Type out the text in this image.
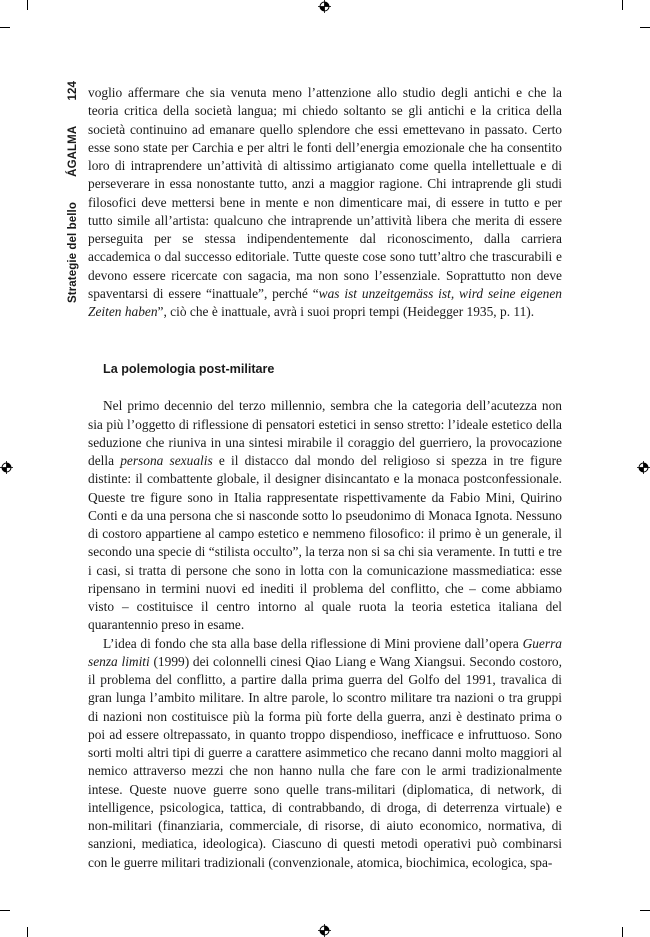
Strategie del bello
ÁGALMA
124 voglio affermare che sia venuta meno l’attenzione allo studio degli antichi e che la teoria critica della società langua; mi chiedo soltanto se gli antichi e la critica della società continuino ad emanare quello splendore che essi emettevano in passato. Certo esse sono state per Carchia e per altri le fonti dell’energia emozionale che ha consentito loro di intraprendere un’attività di altissimo artigianato come quella intellettuale e di perseverare in essa nonostante tutto, anzi a maggior ragione. Chi intraprende gli studi filosofici deve mettersi bene in mente e non dimenticare mai, di essere in tutto e per tutto simile all’artista: qualcuno che intraprende un’attività libera che merita di essere perseguita per se stessa indipendentemente dal riconoscimento, dalla carriera accademica o dal successo editoriale. Tutte queste cose sono tutt’altro che trascurabili e devono essere ricercate con sagacia, ma non sono l’essenziale. Soprattutto non deve spaventarsi di essere “inattuale”, perché “was ist unzeitgemäss ist, wird seine eigenen Zeiten haben”, ciò che è inattuale, avrà i suoi propri tempi (Heidegger 1935, p. 11).

La polemologia post-militare

Nel primo decennio del terzo millennio, sembra che la categoria dell’acutezza non sia più l’oggetto di riflessione di pensatori estetici in senso stretto: l’ideale estetico della seduzione che riuniva in una sintesi mirabile il coraggio del guerriero, la provocazione della persona sexualis e il distacco dal mondo del religioso si spezza in tre figure distinte: il combattente globale, il designer disincantato e la monaca postconfessionale. Queste tre figure sono in Italia rappresentate rispettivamente da Fabio Mini, Quirino Conti e da una persona che si nasconde sotto lo pseudonimo di Monaca Ignota. Nessuno di costoro appartiene al campo estetico e nemmeno filosofico: il primo è un generale, il secondo una specie di “stilista occulto”, la terza non si sa chi sia veramente. In tutti e tre i casi, si tratta di persone che sono in lotta con la comunicazione massmediatica: esse ripensano in termini nuovi ed inediti il problema del conflitto, che – come abbiamo visto – costituisce il centro intorno al quale ruota la teoria estetica italiana del quarantennio preso in esame.

L’idea di fondo che sta alla base della riflessione di Mini proviene dall’opera Guerra senza limiti (1999) dei colonnelli cinesi Qiao Liang e Wang Xiangsui. Secondo costoro, il problema del conflitto, a partire dalla prima guerra del Golfo del 1991, travalica di gran lunga l’ambito militare. In altre parole, lo scontro militare tra nazioni o tra gruppi di nazioni non costituisce più la forma più forte della guerra, anzi è destinato prima o poi ad essere oltrepassato, in quanto troppo dispendioso, inefficace e infruttuoso. Sono sorti molti altri tipi di guerre a carattere asimmetico che recano danni molto maggiori al nemico attraverso mezzi che non hanno nulla che fare con le armi tradizionalmente intese. Queste nuove guerre sono quelle trans-militari (diplomatica, di network, di intelligence, psicologica, tattica, di contrabbando, di droga, di deterrenza virtuale) e non-militari (finanziaria, commerciale, di risorse, di aiuto economico, normativa, di sanzioni, mediatica, ideologica). Ciascuno di questi metodi operativi può combinarsi con le guerre militari tradizionali (convenzionale, atomica, biochimica, ecologica, spa-
